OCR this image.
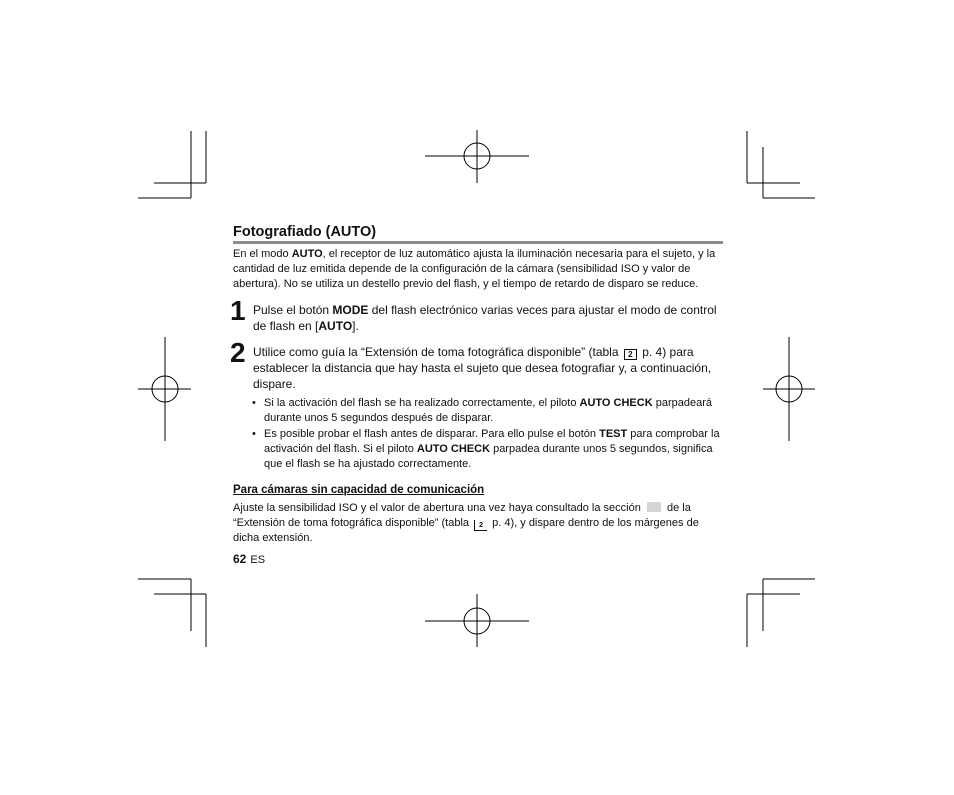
Fotografiado (AUTO)
En el modo AUTO, el receptor de luz automático ajusta la iluminación necesaria para el sujeto, y la cantidad de luz emitida depende de la configuración de la cámara (sensibilidad ISO y valor de abertura). No se utiliza un destello previo del flash, y el tiempo de retardo de disparo se reduce.
1 Pulse el botón MODE del flash electrónico varias veces para ajustar el modo de control de flash en [AUTO].
2 Utilice como guía la “Extensión de toma fotográfica disponible” (tabla 2 p. 4) para establecer la distancia que hay hasta el sujeto que desea fotografiar y, a continuación, dispare.
• Si la activación del flash se ha realizado correctamente, el piloto AUTO CHECK parpadeará durante unos 5 segundos después de disparar.
• Es posible probar el flash antes de disparar. Para ello pulse el botón TEST para comprobar la activación del flash. Si el piloto AUTO CHECK parpadea durante unos 5 segundos, significa que el flash se ha ajustado correctamente.
Para cámaras sin capacidad de comunicación
Ajuste la sensibilidad ISO y el valor de abertura una vez haya consultado la sección  de la “Extensión de toma fotográfica disponible” (tabla 2 p. 4), y dispare dentro de los márgenes de dicha extensión.
62 ES
